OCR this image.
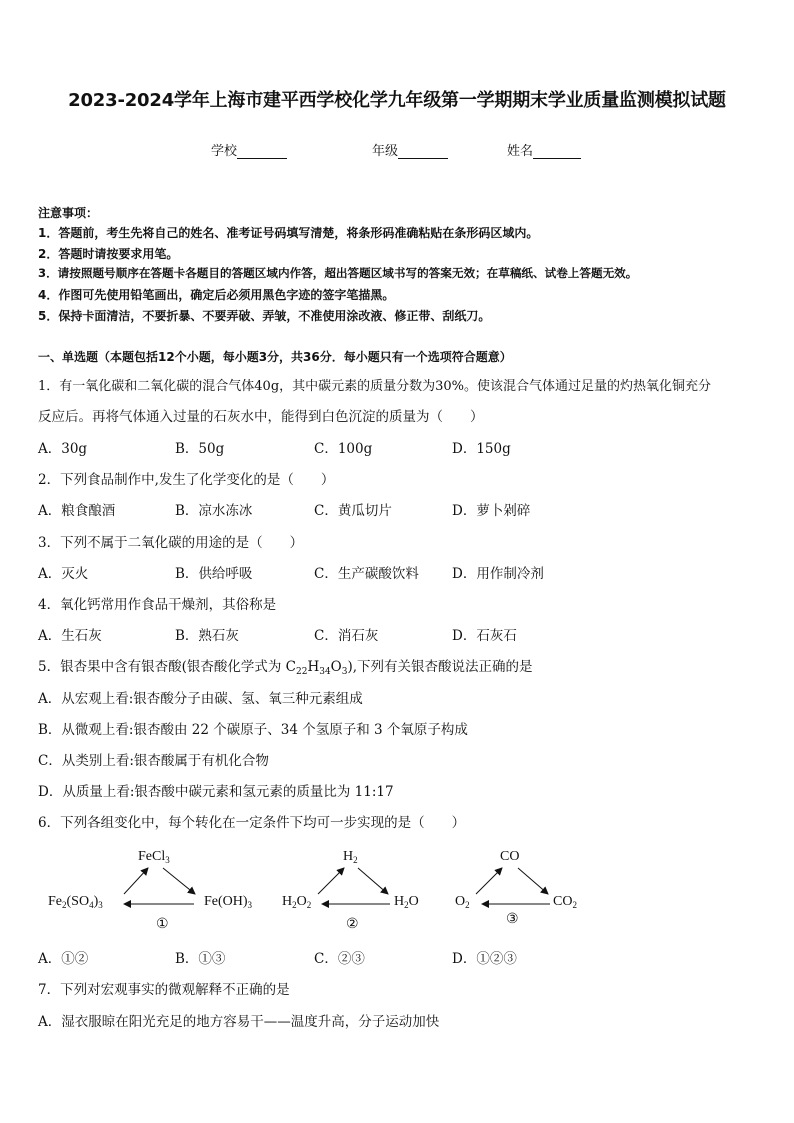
2023-2024学年上海市建平西学校化学九年级第一学期期末学业质量监测模拟试题
学校	年级	姓名
注意事项：
1．答题前，考生先将自己的姓名、准考证号码填写清楚，将条形码准确粘贴在条形码区域内。
2．答题时请按要求用笔。
3．请按照题号顺序在答题卡各题目的答题区域内作答，超出答题区域书写的答案无效；在草稿纸、试卷上答题无效。
4．作图可先使用铅笔画出，确定后必须用黑色字迹的签字笔描黑。
5．保持卡面清洁，不要折暴、不要弄破、弄皱，不准使用涂改液、修正带、刮纸刀。
一、单选题（本题包括12个小题，每小题3分，共36分．每小题只有一个选项符合题意）
1．有一氧化碳和二氧化碳的混合气体40g，其中碳元素的质量分数为30%。使该混合气体通过足量的灼热氧化铜充分
反应后。再将气体通入过量的石灰水中，能得到白色沉淀的质量为（　　）
A．30g	B．50g	C．100g	D．150g
2．下列食品制作中,发生了化学变化的是（　　）
A．粮食酿酒	B．凉水冻冰	C．黄瓜切片	D．萝卜剁碎
3．下列不属于二氧化碳的用途的是（　　）
A．灭火	B．供给呼吸	C．生产碳酸饮料 D．用作制冷剂
4．氧化钙常用作食品干燥剂，其俗称是
A．生石灰	B．熟石灰	C．消石灰	D．石灰石
5．银杏果中含有银杏酸(银杏酸化学式为 $C_{22}H_{34}O_3$),下列有关银杏酸说法正确的是
A．从宏观上看:银杏酸分子由碳、氢、氧三种元素组成
B．从微观上看:银杏酸由 22 个碳原子、34 个氢原子和 3 个氧原子构成
C．从类别上看:银杏酸属于有机化合物
D．从质量上看:银杏酸中碳元素和氢元素的质量比为 11:17
6．下列各组变化中，每个转化在一定条件下均可一步实现的是（　　）
FeCl$_3$
$Fe_2(SO_4)_3$	$Fe(OH)_3$
①
$H_2$
$H_2O_2$	$H_2O$
②
CO
$O_2$	$CO_2$
③
A．①②	B．①③	C．②③	D．①②③
7．下列对宏观事实的微观解释不正确的是
A．湿衣服晾在阳光充足的地方容易干——温度升高，分子运动加快
